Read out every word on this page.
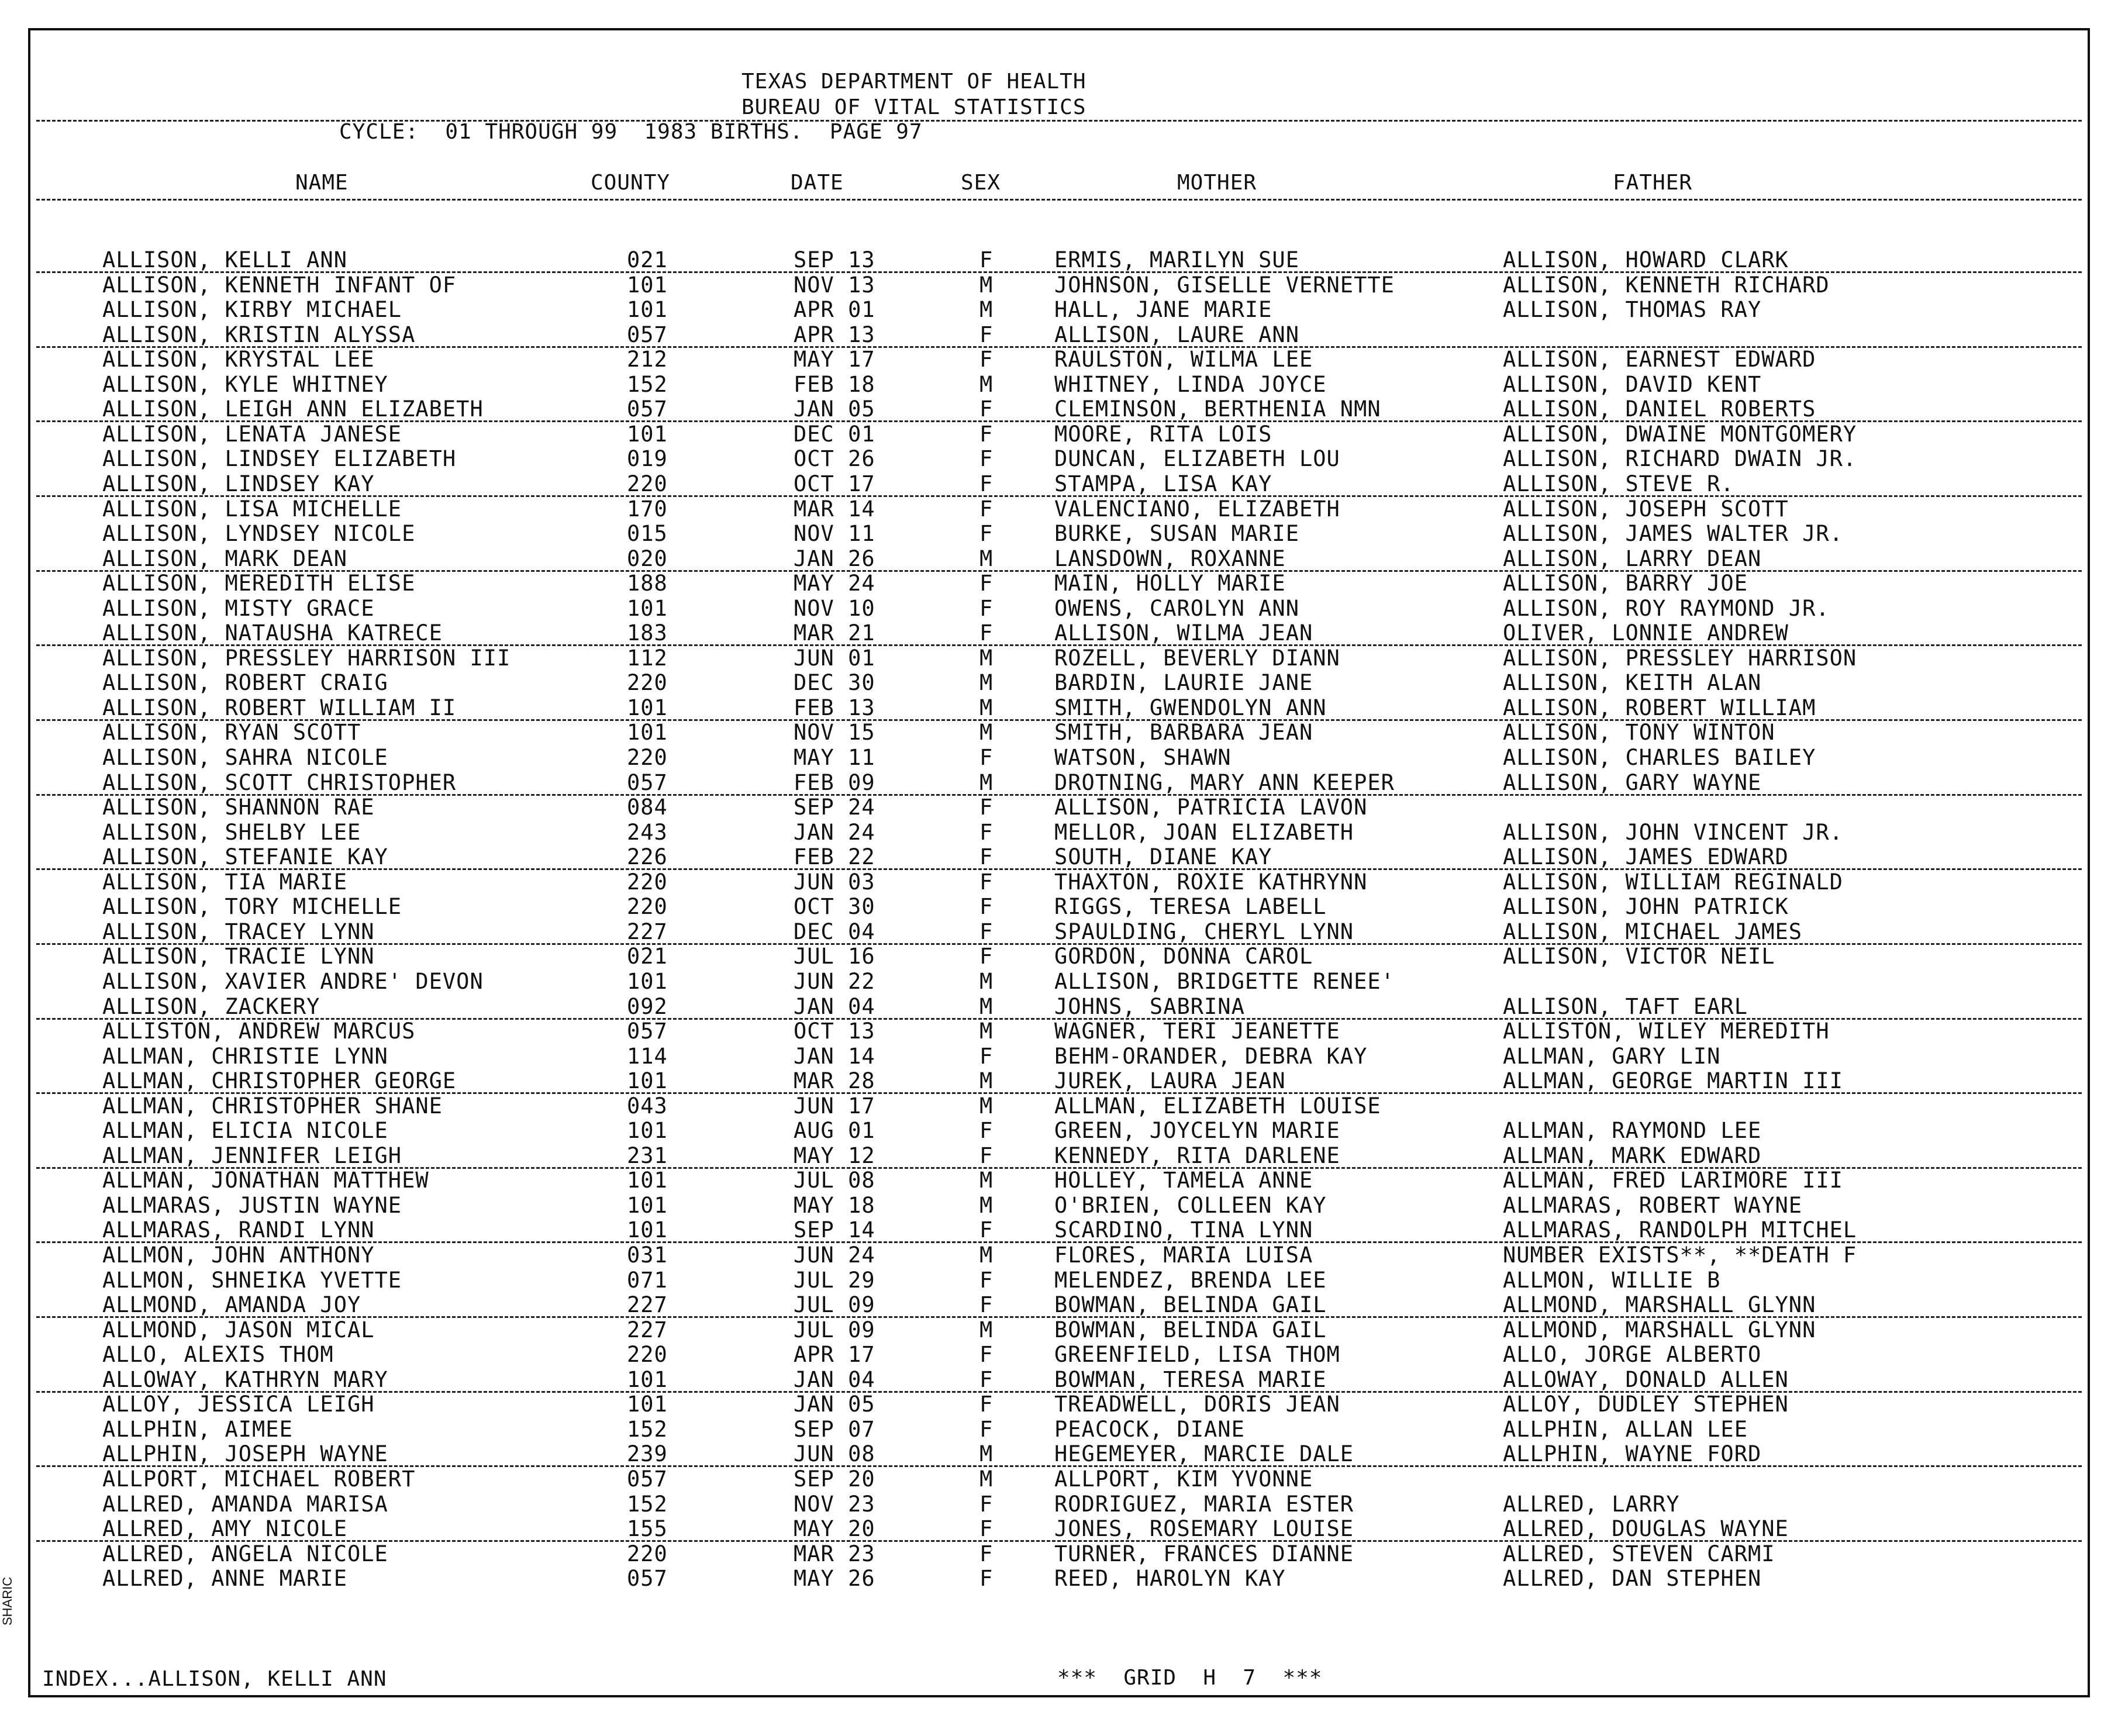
TEXAS DEPARTMENT OF HEALTH
BUREAU OF VITAL STATISTICS
CYCLE:  01 THROUGH 99  1983 BIRTHS.  PAGE 97
NAME	COUNTY	DATE	SEX	MOTHER	FATHER
ALLISON, KELLI ANN	021	SEP 13	F	ERMIS, MARILYN SUE	ALLISON, HOWARD CLARK
ALLISON, KENNETH INFANT OF	101	NOV 13	M	JOHNSON, GISELLE VERNETTE	ALLISON, KENNETH RICHARD
ALLISON, KIRBY MICHAEL	101	APR 01	M	HALL, JANE MARIE	ALLISON, THOMAS RAY
ALLISON, KRISTIN ALYSSA	057	APR 13	F	ALLISON, LAURE ANN
ALLISON, KRYSTAL LEE	212	MAY 17	F	RAULSTON, WILMA LEE	ALLISON, EARNEST EDWARD
ALLISON, KYLE WHITNEY	152	FEB 18	M	WHITNEY, LINDA JOYCE	ALLISON, DAVID KENT
ALLISON, LEIGH ANN ELIZABETH	057	JAN 05	F	CLEMINSON, BERTHENIA NMN	ALLISON, DANIEL ROBERTS
ALLISON, LENATA JANESE	101	DEC 01	F	MOORE, RITA LOIS	ALLISON, DWAINE MONTGOMERY
ALLISON, LINDSEY ELIZABETH	019	OCT 26	F	DUNCAN, ELIZABETH LOU	ALLISON, RICHARD DWAIN JR.
ALLISON, LINDSEY KAY	220	OCT 17	F	STAMPA, LISA KAY	ALLISON, STEVE R.
ALLISON, LISA MICHELLE	170	MAR 14	F	VALENCIANO, ELIZABETH	ALLISON, JOSEPH SCOTT
ALLISON, LYNDSEY NICOLE	015	NOV 11	F	BURKE, SUSAN MARIE	ALLISON, JAMES WALTER JR.
ALLISON, MARK DEAN	020	JAN 26	M	LANSDOWN, ROXANNE	ALLISON, LARRY DEAN
ALLISON, MEREDITH ELISE	188	MAY 24	F	MAIN, HOLLY MARIE	ALLISON, BARRY JOE
ALLISON, MISTY GRACE	101	NOV 10	F	OWENS, CAROLYN ANN	ALLISON, ROY RAYMOND JR.
ALLISON, NATAUSHA KATRECE	183	MAR 21	F	ALLISON, WILMA JEAN	OLIVER, LONNIE ANDREW
ALLISON, PRESSLEY HARRISON III	112	JUN 01	M	ROZELL, BEVERLY DIANN	ALLISON, PRESSLEY HARRISON
ALLISON, ROBERT CRAIG	220	DEC 30	M	BARDIN, LAURIE JANE	ALLISON, KEITH ALAN
ALLISON, ROBERT WILLIAM II	101	FEB 13	M	SMITH, GWENDOLYN ANN	ALLISON, ROBERT WILLIAM
ALLISON, RYAN SCOTT	101	NOV 15	M	SMITH, BARBARA JEAN	ALLISON, TONY WINTON
ALLISON, SAHRA NICOLE	220	MAY 11	F	WATSON, SHAWN	ALLISON, CHARLES BAILEY
ALLISON, SCOTT CHRISTOPHER	057	FEB 09	M	DROTNING, MARY ANN KEEPER	ALLISON, GARY WAYNE
ALLISON, SHANNON RAE	084	SEP 24	F	ALLISON, PATRICIA LAVON
ALLISON, SHELBY LEE	243	JAN 24	F	MELLOR, JOAN ELIZABETH	ALLISON, JOHN VINCENT JR.
ALLISON, STEFANIE KAY	226	FEB 22	F	SOUTH, DIANE KAY	ALLISON, JAMES EDWARD
ALLISON, TIA MARIE	220	JUN 03	F	THAXTON, ROXIE KATHRYNN	ALLISON, WILLIAM REGINALD
ALLISON, TORY MICHELLE	220	OCT 30	F	RIGGS, TERESA LABELL	ALLISON, JOHN PATRICK
ALLISON, TRACEY LYNN	227	DEC 04	F	SPAULDING, CHERYL LYNN	ALLISON, MICHAEL JAMES
ALLISON, TRACIE LYNN	021	JUL 16	F	GORDON, DONNA CAROL	ALLISON, VICTOR NEIL
ALLISON, XAVIER ANDRE' DEVON	101	JUN 22	M	ALLISON, BRIDGETTE RENEE'
ALLISON, ZACKERY	092	JAN 04	M	JOHNS, SABRINA	ALLISON, TAFT EARL
ALLISTON, ANDREW MARCUS	057	OCT 13	M	WAGNER, TERI JEANETTE	ALLISTON, WILEY MEREDITH
ALLMAN, CHRISTIE LYNN	114	JAN 14	F	BEHM-ORANDER, DEBRA KAY	ALLMAN, GARY LIN
ALLMAN, CHRISTOPHER GEORGE	101	MAR 28	M	JUREK, LAURA JEAN	ALLMAN, GEORGE MARTIN III
ALLMAN, CHRISTOPHER SHANE	043	JUN 17	M	ALLMAN, ELIZABETH LOUISE
ALLMAN, ELICIA NICOLE	101	AUG 01	F	GREEN, JOYCELYN MARIE	ALLMAN, RAYMOND LEE
ALLMAN, JENNIFER LEIGH	231	MAY 12	F	KENNEDY, RITA DARLENE	ALLMAN, MARK EDWARD
ALLMAN, JONATHAN MATTHEW	101	JUL 08	M	HOLLEY, TAMELA ANNE	ALLMAN, FRED LARIMORE III
ALLMARAS, JUSTIN WAYNE	101	MAY 18	M	O'BRIEN, COLLEEN KAY	ALLMARAS, ROBERT WAYNE
ALLMARAS, RANDI LYNN	101	SEP 14	F	SCARDINO, TINA LYNN	ALLMARAS, RANDOLPH MITCHEL
ALLMON, JOHN ANTHONY	031	JUN 24	M	FLORES, MARIA LUISA	NUMBER EXISTS**, **DEATH F
ALLMON, SHNEIKA YVETTE	071	JUL 29	F	MELENDEZ, BRENDA LEE	ALLMON, WILLIE B
ALLMOND, AMANDA JOY	227	JUL 09	F	BOWMAN, BELINDA GAIL	ALLMOND, MARSHALL GLYNN
ALLMOND, JASON MICAL	227	JUL 09	M	BOWMAN, BELINDA GAIL	ALLMOND, MARSHALL GLYNN
ALLO, ALEXIS THOM	220	APR 17	F	GREENFIELD, LISA THOM	ALLO, JORGE ALBERTO
ALLOWAY, KATHRYN MARY	101	JAN 04	F	BOWMAN, TERESA MARIE	ALLOWAY, DONALD ALLEN
ALLOY, JESSICA LEIGH	101	JAN 05	F	TREADWELL, DORIS JEAN	ALLOY, DUDLEY STEPHEN
ALLPHIN, AIMEE	152	SEP 07	F	PEACOCK, DIANE	ALLPHIN, ALLAN LEE
ALLPHIN, JOSEPH WAYNE	239	JUN 08	M	HEGEMEYER, MARCIE DALE	ALLPHIN, WAYNE FORD
ALLPORT, MICHAEL ROBERT	057	SEP 20	M	ALLPORT, KIM YVONNE
ALLRED, AMANDA MARISA	152	NOV 23	F	RODRIGUEZ, MARIA ESTER	ALLRED, LARRY
ALLRED, AMY NICOLE	155	MAY 20	F	JONES, ROSEMARY LOUISE	ALLRED, DOUGLAS WAYNE
ALLRED, ANGELA NICOLE	220	MAR 23	F	TURNER, FRANCES DIANNE	ALLRED, STEVEN CARMI
ALLRED, ANNE MARIE	057	MAY 26	F	REED, HAROLYN KAY	ALLRED, DAN STEPHEN
INDEX...ALLISON, KELLI ANN	***  GRID  H  7  ***
SHARIC
